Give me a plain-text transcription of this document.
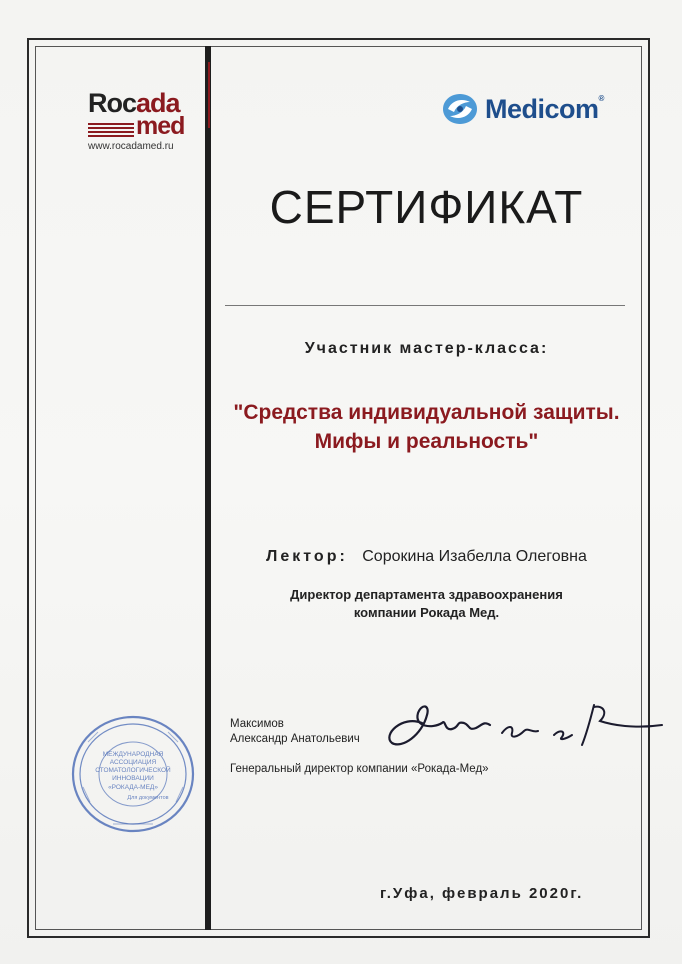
Rocada
med
www.rocadamed.ru
Medicom®
СЕРТИФИКАТ
Участник мастер-класса:
"Средства индивидуальной защиты.
Мифы и реальность"
Лектор: Сорокина Изабелла Олеговна
Директор департамента здравоохранения
компании Рокада Мед.
Максимов
Александр Анатольевич
Генеральный директор компании «Рокада-Мед»
МЕЖДУНАРОДНАЯ
АССОЦИАЦИЯ
СТОМАТОЛОГИЧЕСКОЙ
ИННОВАЦИИ
«РОКАДА-МЕД»
Для документов
г.Уфа, февраль 2020г.
